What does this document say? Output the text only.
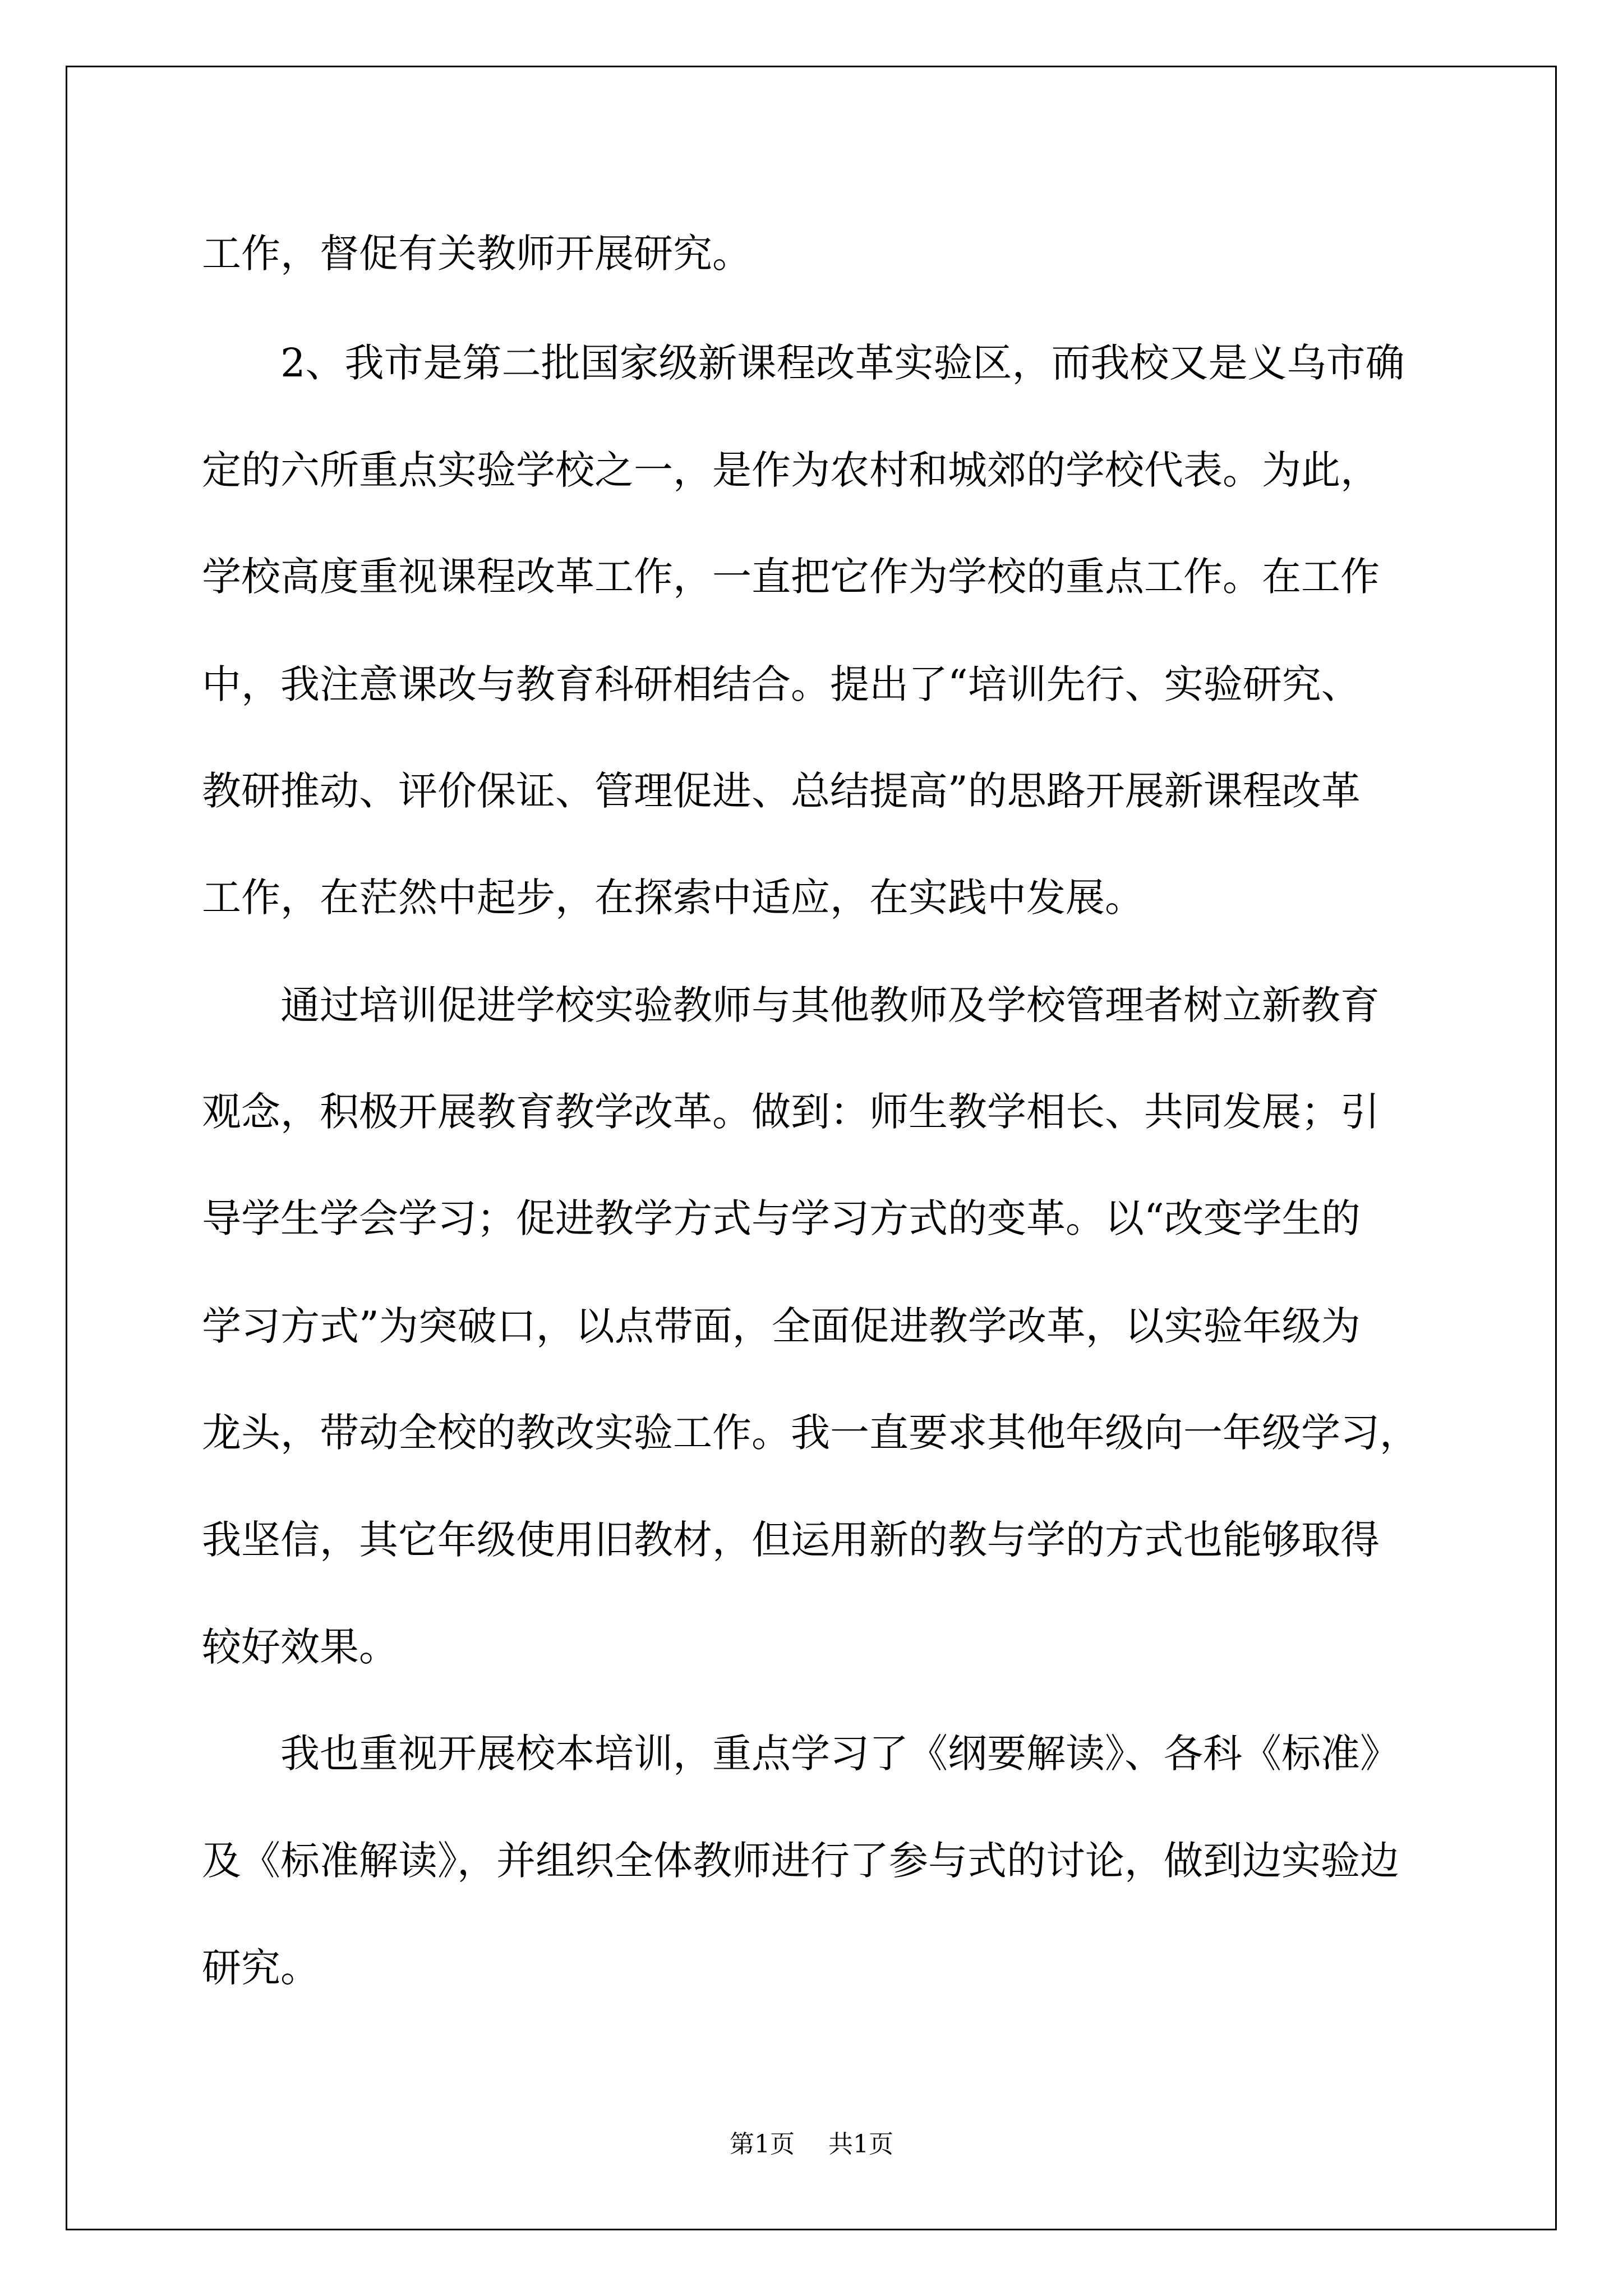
工作，督促有关教师开展研究。
　　2、我市是第二批国家级新课程改革实验区，而我校又是义乌市确
定的六所重点实验学校之一，是作为农村和城郊的学校代表。为此，
学校高度重视课程改革工作，一直把它作为学校的重点工作。在工作
中，我注意课改与教育科研相结合。提出了“培训先行、实验研究、
教研推动、评价保证、管理促进、总结提高”的思路开展新课程改革
工作，在茫然中起步，在探索中适应，在实践中发展。
　　通过培训促进学校实验教师与其他教师及学校管理者树立新教育
观念，积极开展教育教学改革。做到：师生教学相长、共同发展；引
导学生学会学习；促进教学方式与学习方式的变革。以“改变学生的
学习方式”为突破口，以点带面，全面促进教学改革，以实验年级为
龙头，带动全校的教改实验工作。我一直要求其他年级向一年级学习，
我坚信，其它年级使用旧教材，但运用新的教与学的方式也能够取得
较好效果。
　　我也重视开展校本培训，重点学习了《纲要解读》、各科《标准》
及《标准解读》，并组织全体教师进行了参与式的讨论，做到边实验边
研究。
第1页 共1页
